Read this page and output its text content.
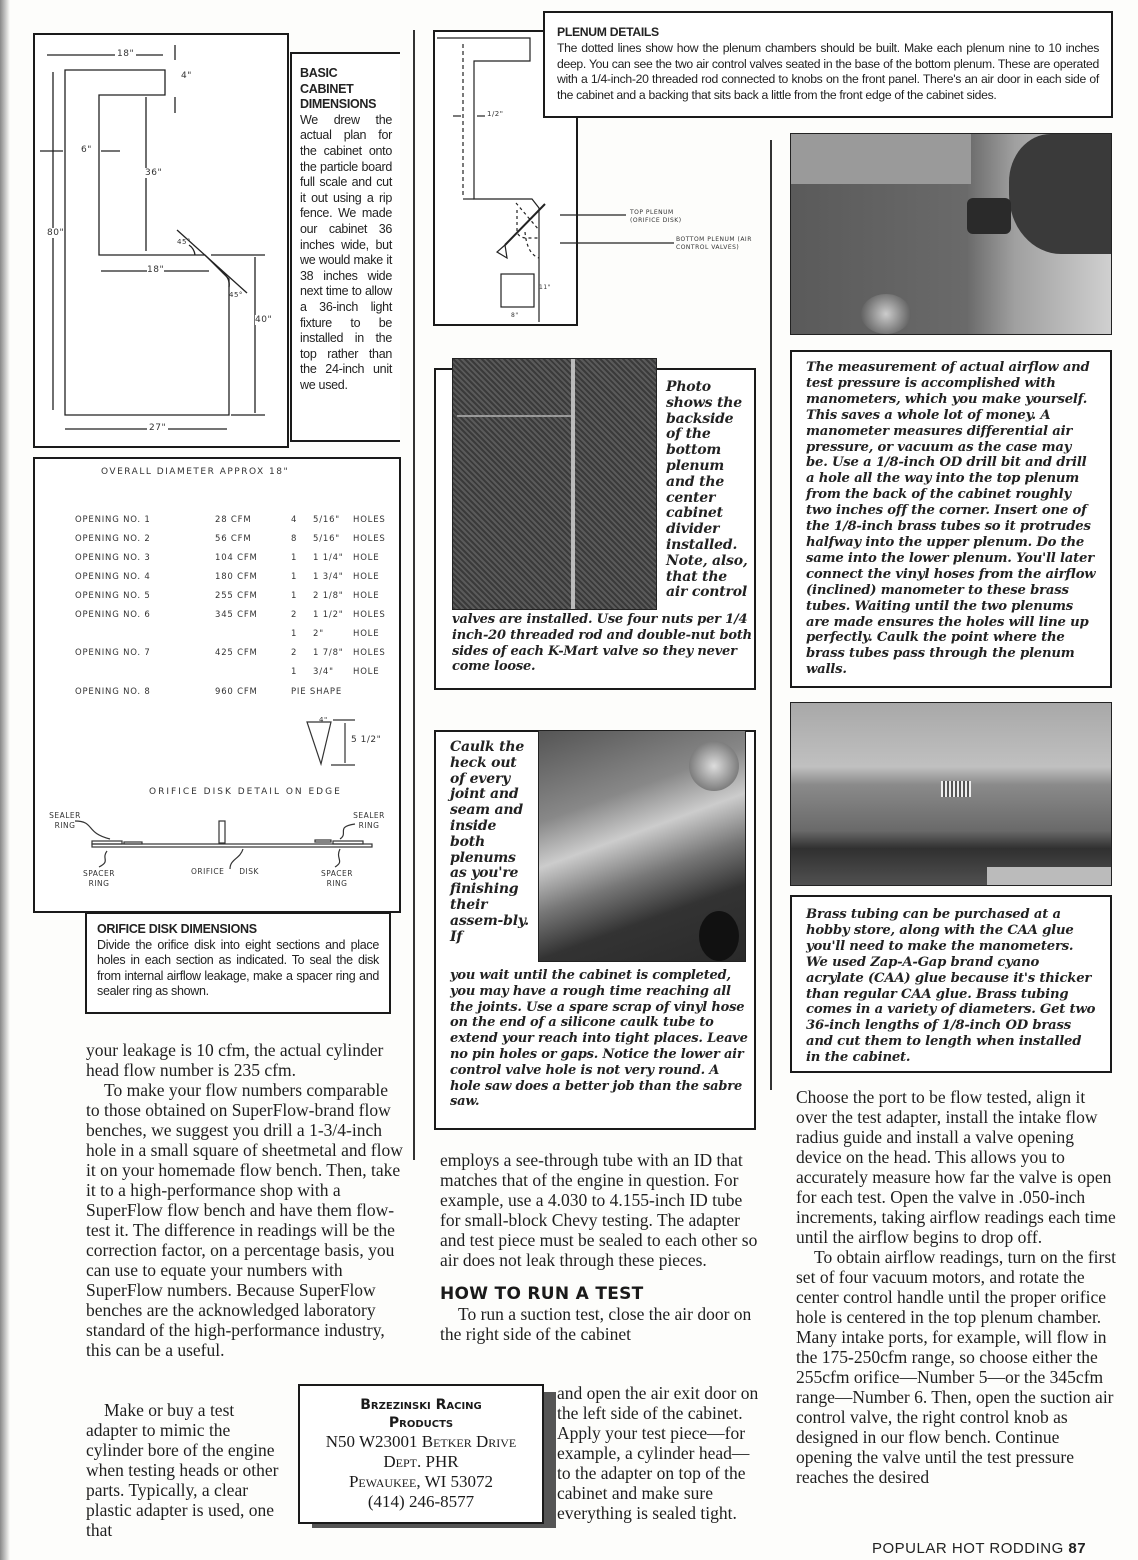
18"
4"
6"
36"
80"
45°
45°
18"
40"
27"
BASIC CABINET DIMENSIONS
We drew the actual plan for the cabinet onto the particle board full scale and cut it out using a rip fence. We made our cabinet 36 inches wide, but we would make it 38 inches wide next time to allow a 36-inch light fixture to be installed in the top rather than the 24-inch unit we used.
OVERALL DIAMETER APPROX 18"
OPENING NO. 1	28 CFM	4	5/16"	HOLES
OPENING NO. 2	56 CFM	8	5/16"	HOLES
OPENING NO. 3	104 CFM	1	1 1/4"	HOLE
OPENING NO. 4	180 CFM	1	1 3/4"	HOLE
OPENING NO. 5	255 CFM	1	2 1/8"	HOLE
OPENING NO. 6	345 CFM	2	1 1/2"	HOLES
		1	2"	HOLE
OPENING NO. 7	425 CFM	2	1 7/8"	HOLES
		1	3/4"	HOLE
OPENING NO. 8	960 CFM	PIE SHAPE		
4"
5 1/2"
ORIFICE DISK DETAIL ON EDGE
SEALER RING
SEALER RING
SPACER RING
SPACER RING
ORIFICE DISK
ORIFICE DISK DIMENSIONS
Divide the orifice disk into eight sections and place holes in each section as indicated. To seal the disk from internal airflow leakage, make a spacer ring and sealer ring as shown.
1/2"
11"
8"
TOP PLENUM (ORIFICE DISK)
BOTTOM PLENUM (AIR CONTROL VALVES)
PLENUM DETAILS
The dotted lines show how the plenum chambers should be built. Make each plenum nine to 10 inches deep. You can see the two air control valves seated in the base of the bottom plenum. These are operated with a 1/4-inch-20 threaded rod connected to knobs on the front panel. There's an air door in each side of the cabinet and a backing that sits back a little from the front edge of the cabinet sides.
Photo shows the backside of the bottom plenum and the center cabinet divider installed. Note, also, that the air control
valves are installed. Use four nuts per 1/4 inch-20 threaded rod and double-nut both sides of each K-Mart valve so they never come loose.
Caulk the heck out of every joint and seam and inside both plenums as you're finishing their assem-bly. If
you wait until the cabinet is completed, you may have a rough time reaching all the joints. Use a spare scrap of vinyl hose on the end of a silicone caulk tube to extend your reach into tight places. Leave no pin holes or gaps. Notice the lower air control valve hole is not very round. A hole saw does a better job than the sabre saw.
The measurement of actual airflow and test pressure is accomplished with manometers, which you make yourself. This saves a whole lot of money. A manometer measures differential air pressure, or vacuum as the case may be. Use a 1/8-inch OD drill bit and drill a hole all the way into the top plenum from the back of the cabinet roughly two inches off the corner. Insert one of the 1/8-inch brass tubes so it protrudes halfway into the upper plenum. Do the same into the lower plenum. You'll later connect the vinyl hoses from the airflow (inclined) manometer to these brass tubes. Waiting until the two plenums are made ensures the holes will line up perfectly. Caulk the point where the brass tubes pass through the plenum walls.
Brass tubing can be purchased at a hobby store, along with the CAA glue you'll need to make the manometers. We used Zap-A-Gap brand cyano acrylate (CAA) glue because it's thicker than regular CAA glue. Brass tubing comes in a variety of diameters. Get two 36-inch lengths of 1/8-inch OD brass and cut them to length when installed in the cabinet.

your leakage is 10 cfm, the actual cylinder head flow number is 235 cfm.

To make your flow numbers comparable to those obtained on SuperFlow-brand flow benches, we suggest you drill a 1-3/4-inch hole in a small square of sheetmetal and flow it on your homemade flow bench. Then, take it to a high-performance shop with a SuperFlow flow bench and have them flow-test it. The difference in readings will be the correction factor, on a percentage basis, you can use to equate your numbers with SuperFlow numbers. Because SuperFlow benches are the acknowledged laboratory standard of the high-performance industry, this can be a useful.

Make or buy a test adapter to mimic the cylinder bore of the engine when testing heads or other parts. Typically, a clear plastic adapter is used, one that

employs a see-through tube with an ID that matches that of the engine in question. For example, use a 4.030 to 4.155-inch ID tube for small-block Chevy testing. The adapter and test piece must be sealed to each other so air does not leak through these pieces.

HOW TO RUN A TEST

To run a suction test, close the air door on the right side of the cabinet

and open the air exit door on the left side of the cabinet. Apply your test piece—for example, a cylinder head—to the adapter on top of the cabinet and make sure everything is sealed tight.

Choose the port to be flow tested, align it over the test adapter, install the intake flow radius guide and install a valve opening device on the head. This allows you to accurately measure how far the valve is open for each test. Open the valve in .050-inch increments, taking airflow readings each time until the airflow begins to drop off.

To obtain airflow readings, turn on the first set of four vacuum motors, and rotate the center control handle until the proper orifice hole is centered in the top plenum chamber. Many intake ports, for example, will flow in the 175-250cfm range, so choose either the 255cfm orifice—Number 5—or the 345cfm range—Number 6. Then, open the suction air control valve, the right control knob as designed in our flow bench. Continue opening the valve until the test pressure reaches the desired

Brzezinski Racing
Products
N50 W23001 Betker Drive
Dept. PHR
Pewaukee, WI 53072
(414) 246-8577
POPULAR HOT RODDING 87
